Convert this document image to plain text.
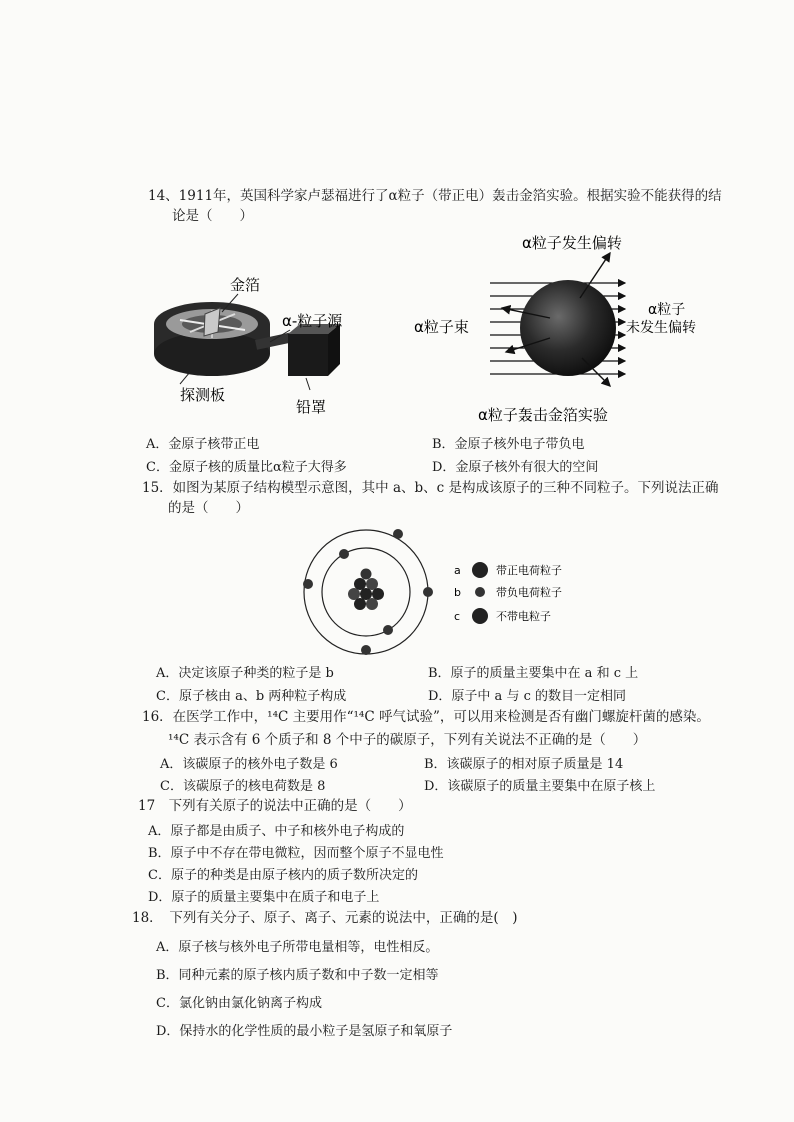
14、1911年，英国科学家卢瑟福进行了α粒子（带正电）轰击金箔实验。根据实验不能获得的结
论是（　　）
金箔
α-粒子源
探测板
铅罩
α粒子发生偏转
α粒子束
α粒子
未发生偏转
α粒子轰击金箔实验
A．金原子核带正电	B．金原子核外电子带负电
C．金原子核的质量比α粒子大得多	D．金原子核外有很大的空间
15．如图为某原子结构模型示意图，其中 a、b、c 是构成该原子的三种不同粒子。下列说法正确
的是（　　）
a	带正电荷粒子
b	带负电荷粒子
c	不带电粒子
A．决定该原子种类的粒子是 b	B．原子的质量主要集中在 a 和 c 上
C．原子核由 a、b 两种粒子构成	D．原子中 a 与 c 的数目一定相同
16．在医学工作中，¹⁴C 主要用作“¹⁴C 呼气试验”，可以用来检测是否有幽门螺旋杆菌的感染。
¹⁴C 表示含有 6 个质子和 8 个中子的碳原子，下列有关说法不正确的是（　　）
A．该碳原子的核外电子数是 6	B．该碳原子的相对原子质量是 14
C．该碳原子的核电荷数是 8	D．该碳原子的质量主要集中在原子核上
17　下列有关原子的说法中正确的是（　　）
A．原子都是由质子、中子和核外电子构成的
B．原子中不存在带电微粒，因而整个原子不显电性
C．原子的种类是由原子核内的质子数所决定的
D．原子的质量主要集中在质子和电子上
18．　下列有关分子、原子、离子、元素的说法中，正确的是(　)
A．原子核与核外电子所带电量相等，电性相反。
B．同种元素的原子核内质子数和中子数一定相等
C．氯化钠由氯化钠离子构成
D．保持水的化学性质的最小粒子是氢原子和氧原子
